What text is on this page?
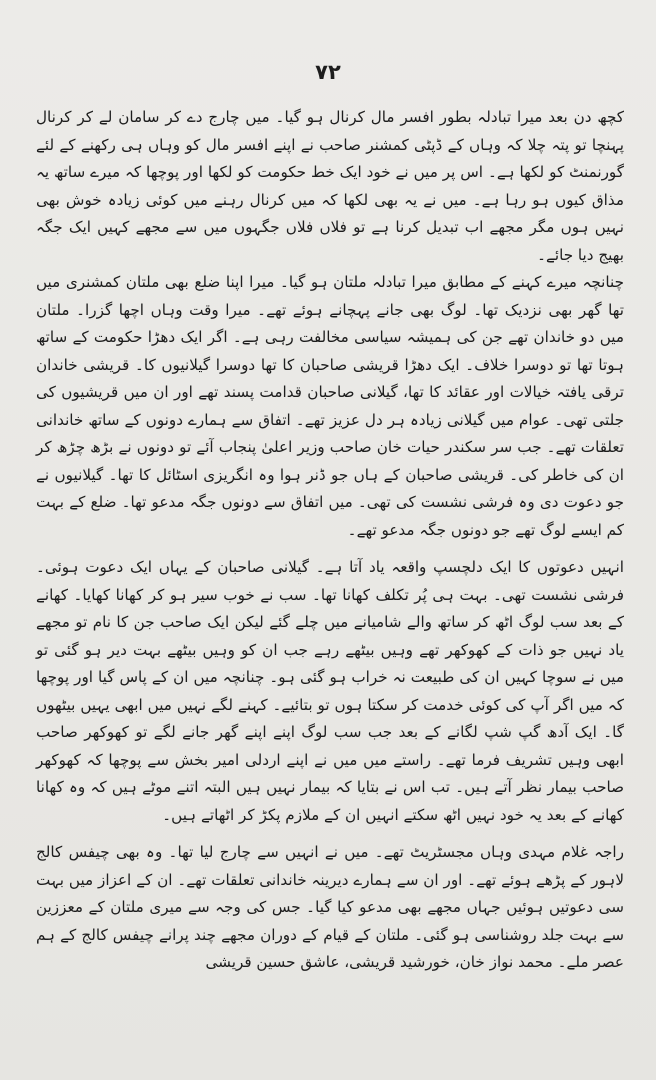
۷۲

کچھ دن بعد میرا تبادلہ بطور افسر مال کرنال ہو گیا۔ میں چارج دے کر سامان لے کر کرنال پہنچا تو پتہ چلا کہ وہاں کے ڈپٹی کمشنر صاحب نے اپنے افسر مال کو وہاں ہی رکھنے کے لئے گورنمنٹ کو لکھا ہے۔ اس پر میں نے خود ایک خط حکومت کو لکھا اور پوچھا کہ میرے ساتھ یہ مذاق کیوں ہو رہا ہے۔ میں نے یہ بھی لکھا کہ میں کرنال رہنے میں کوئی زیادہ خوش بھی نہیں ہوں مگر مجھے اب تبدیل کرنا ہے تو فلاں فلاں جگہوں میں سے مجھے کہیں ایک جگہ بھیج دیا جائے۔

چنانچہ میرے کہنے کے مطابق میرا تبادلہ ملتان ہو گیا۔ میرا اپنا ضلع بھی ملتان کمشنری میں تھا گھر بھی نزدیک تھا۔ لوگ بھی جانے پہچانے ہوئے تھے۔ میرا وقت وہاں اچھا گزرا۔ ملتان میں دو خاندان تھے جن کی ہمیشہ سیاسی مخالفت رہی ہے۔ اگر ایک دھڑا حکومت کے ساتھ ہوتا تھا تو دوسرا خلاف۔ ایک دھڑا قریشی صاحبان کا تھا دوسرا گیلانیوں کا۔ قریشی خاندان ترقی یافتہ خیالات اور عقائد کا تھا، گیلانی صاحبان قدامت پسند تھے اور ان میں قریشیوں کی جلتی تھی۔ عوام میں گیلانی زیادہ ہر دل عزیز تھے۔ اتفاق سے ہمارے دونوں کے ساتھ خاندانی تعلقات تھے۔ جب سر سکندر حیات خان صاحب وزیر اعلیٰ پنجاب آئے تو دونوں نے بڑھ چڑھ کر ان کی خاطر کی۔ قریشی صاحبان کے ہاں جو ڈنر ہوا وہ انگریزی اسٹائل کا تھا۔ گیلانیوں نے جو دعوت دی وہ فرشی نشست کی تھی۔ میں اتفاق سے دونوں جگہ مدعو تھا۔ ضلع کے بہت کم ایسے لوگ تھے جو دونوں جگہ مدعو تھے۔

انہیں دعوتوں کا ایک دلچسپ واقعہ یاد آتا ہے۔ گیلانی صاحبان کے یہاں ایک دعوت ہوئی۔ فرشی نشست تھی۔ بہت ہی پُر تکلف کھانا تھا۔ سب نے خوب سیر ہو کر کھانا کھایا۔ کھانے کے بعد سب لوگ اٹھ کر ساتھ والے شامیانے میں چلے گئے لیکن ایک صاحب جن کا نام تو مجھے یاد نہیں جو ذات کے کھوکھر تھے وہیں بیٹھے رہے جب ان کو وہیں بیٹھے بہت دیر ہو گئی تو میں نے سوچا کہیں ان کی طبیعت نہ خراب ہو گئی ہو۔ چنانچہ میں ان کے پاس گیا اور پوچھا کہ میں اگر آپ کی کوئی خدمت کر سکتا ہوں تو بتائیے۔ کہنے لگے نہیں میں ابھی یہیں بیٹھوں گا۔ ایک آدھ گپ شپ لگانے کے بعد جب سب لوگ اپنے اپنے گھر جانے لگے تو کھوکھر صاحب ابھی وہیں تشریف فرما تھے۔ راستے میں میں نے اپنے اردلی امیر بخش سے پوچھا کہ کھوکھر صاحب بیمار نظر آتے ہیں۔ تب اس نے بتایا کہ بیمار نہیں ہیں البتہ اتنے موٹے ہیں کہ وہ کھانا کھانے کے بعد یہ خود نہیں اٹھ سکتے انہیں ان کے ملازم پکڑ کر اٹھاتے ہیں۔

راجہ غلام مہدی وہاں مجسٹریٹ تھے۔ میں نے انہیں سے چارج لیا تھا۔ وہ بھی چیفس کالج لاہور کے پڑھے ہوئے تھے۔ اور ان سے ہمارے دیرینہ خاندانی تعلقات تھے۔ ان کے اعزاز میں بہت سی دعوتیں ہوئیں جہاں مجھے بھی مدعو کیا گیا۔ جس کی وجہ سے میری ملتان کے معززین سے بہت جلد روشناسی ہو گئی۔ ملتان کے قیام کے دوران مجھے چند پرانے چیفس کالج کے ہم عصر ملے۔ محمد نواز خان، خورشید قریشی، عاشق حسین قریشی
